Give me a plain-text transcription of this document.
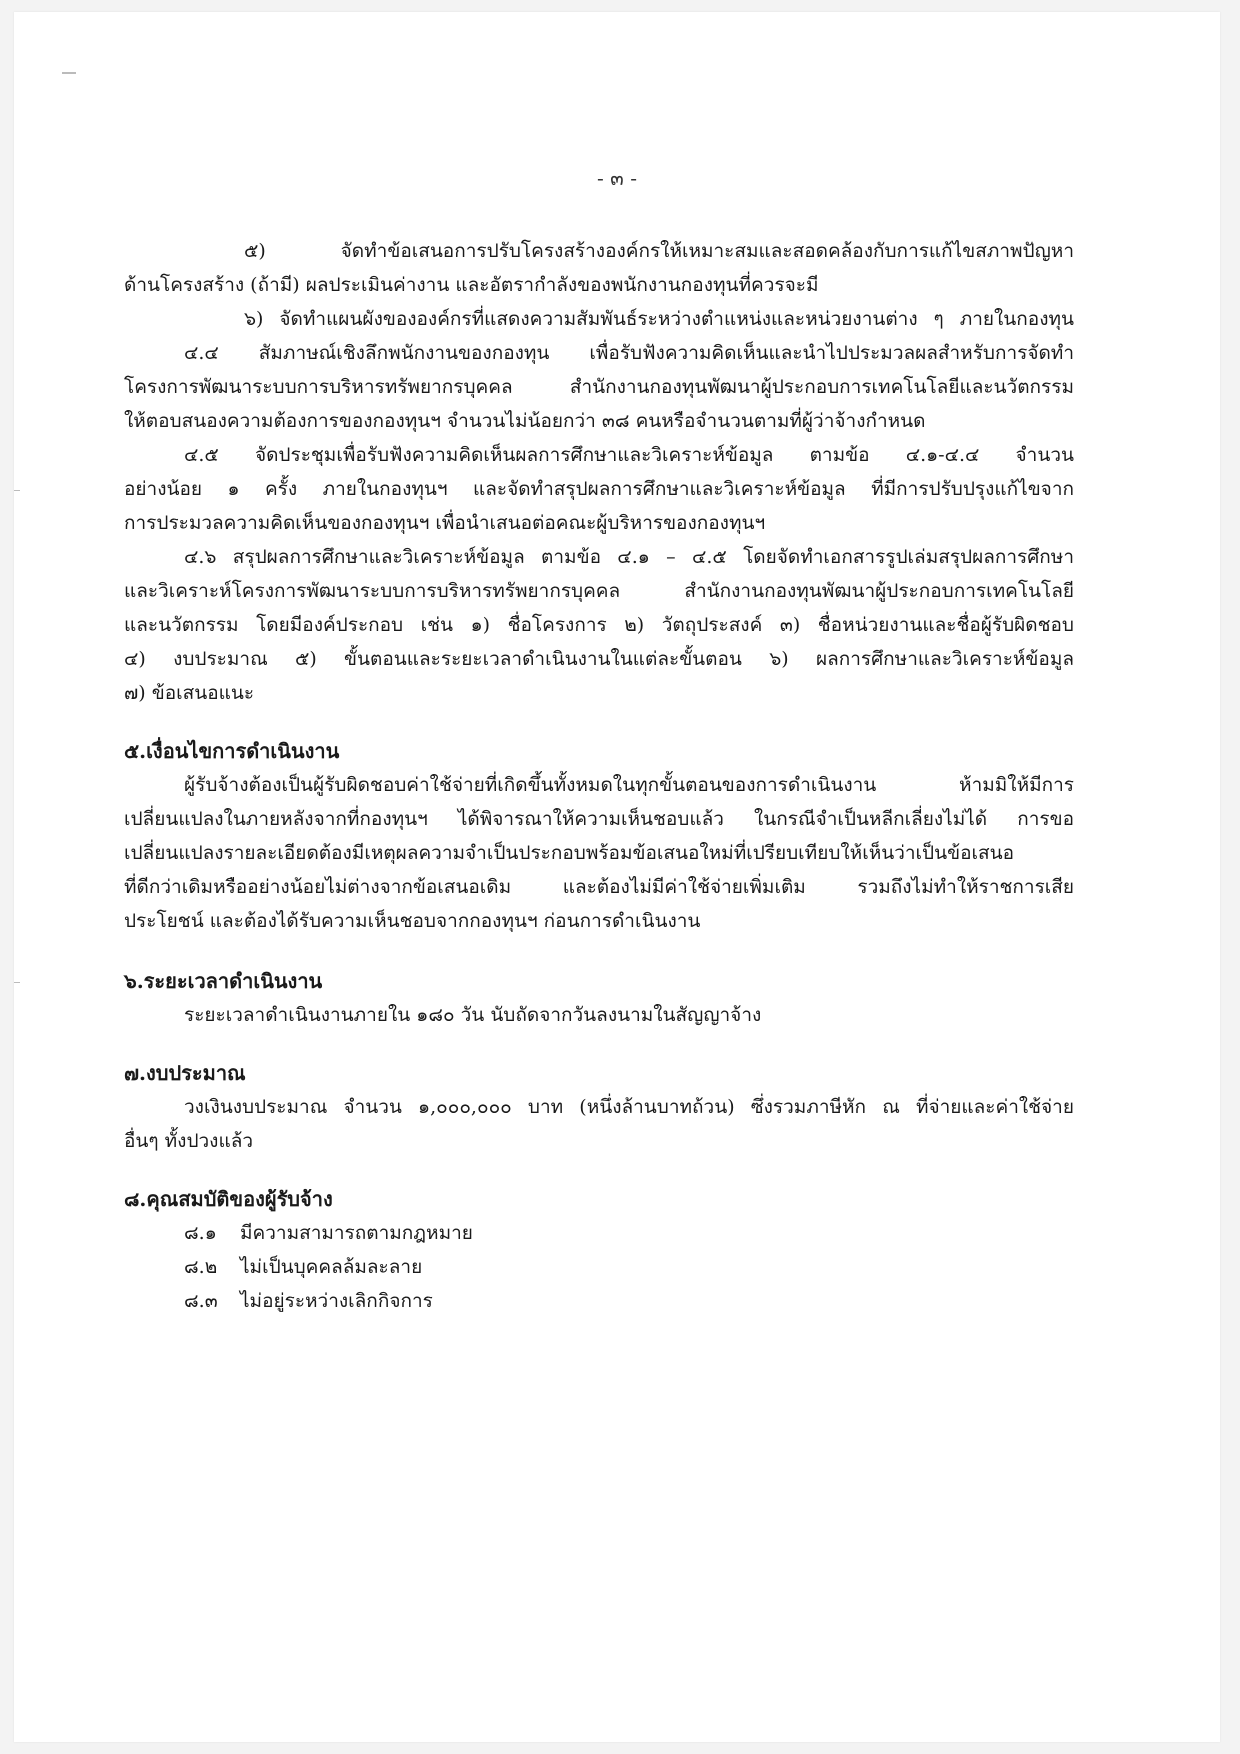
- ๓ -
๕) จัดทำข้อเสนอการปรับโครงสร้างองค์กรให้เหมาะสมและสอดคล้องกับการแก้ไขสภาพปัญหา
ด้านโครงสร้าง (ถ้ามี) ผลประเมินค่างาน และอัตรากำลังของพนักงานกองทุนที่ควรจะมี
๖) จัดทำแผนผังขององค์กรที่แสดงความสัมพันธ์ระหว่างตำแหน่งและหน่วยงานต่าง ๆ ภายในกองทุน
๔.๔ สัมภาษณ์เชิงลึกพนักงานของกองทุน เพื่อรับฟังความคิดเห็นและนำไปประมวลผลสำหรับการจัดทำ
โครงการพัฒนาระบบการบริหารทรัพยากรบุคคล สำนักงานกองทุนพัฒนาผู้ประกอบการเทคโนโลยีและนวัตกรรม
ให้ตอบสนองความต้องการของกองทุนฯ จำนวนไม่น้อยกว่า ๓๘ คนหรือจำนวนตามที่ผู้ว่าจ้างกำหนด
๔.๕ จัดประชุมเพื่อรับฟังความคิดเห็นผลการศึกษาและวิเคราะห์ข้อมูล ตามข้อ ๔.๑-๔.๔ จำนวน
อย่างน้อย ๑ ครั้ง ภายในกองทุนฯ และจัดทำสรุปผลการศึกษาและวิเคราะห์ข้อมูล ที่มีการปรับปรุงแก้ไขจาก
การประมวลความคิดเห็นของกองทุนฯ เพื่อนำเสนอต่อคณะผู้บริหารของกองทุนฯ
๔.๖ สรุปผลการศึกษาและวิเคราะห์ข้อมูล ตามข้อ ๔.๑ – ๔.๕ โดยจัดทำเอกสารรูปเล่มสรุปผลการศึกษา
และวิเคราะห์โครงการพัฒนาระบบการบริหารทรัพยากรบุคคล สำนักงานกองทุนพัฒนาผู้ประกอบการเทคโนโลยี
และนวัตกรรม โดยมีองค์ประกอบ เช่น ๑) ชื่อโครงการ ๒) วัตถุประสงค์ ๓) ชื่อหน่วยงานและชื่อผู้รับผิดชอบ
๔) งบประมาณ ๕) ขั้นตอนและระยะเวลาดำเนินงานในแต่ละขั้นตอน ๖) ผลการศึกษาและวิเคราะห์ข้อมูล
๗) ข้อเสนอแนะ
๕.เงื่อนไขการดำเนินงาน
ผู้รับจ้างต้องเป็นผู้รับผิดชอบค่าใช้จ่ายที่เกิดขึ้นทั้งหมดในทุกขั้นตอนของการดำเนินงาน ห้ามมิให้มีการ
เปลี่ยนแปลงในภายหลังจากที่กองทุนฯ ได้พิจารณาให้ความเห็นชอบแล้ว ในกรณีจำเป็นหลีกเลี่ยงไม่ได้ การขอ
เปลี่ยนแปลงรายละเอียดต้องมีเหตุผลความจำเป็นประกอบพร้อมข้อเสนอใหม่ที่เปรียบเทียบให้เห็นว่าเป็นข้อเสนอ
ที่ดีกว่าเดิมหรืออย่างน้อยไม่ต่างจากข้อเสนอเดิม และต้องไม่มีค่าใช้จ่ายเพิ่มเติม รวมถึงไม่ทำให้ราชการเสีย
ประโยชน์ และต้องได้รับความเห็นชอบจากกองทุนฯ ก่อนการดำเนินงาน
๖.ระยะเวลาดำเนินงาน
ระยะเวลาดำเนินงานภายใน ๑๘๐ วัน นับถัดจากวันลงนามในสัญญาจ้าง
๗.งบประมาณ
วงเงินงบประมาณ จำนวน ๑,๐๐๐,๐๐๐ บาท (หนึ่งล้านบาทถ้วน) ซึ่งรวมภาษีหัก ณ ที่จ่ายและค่าใช้จ่าย
อื่นๆ ทั้งปวงแล้ว
๘.คุณสมบัติของผู้รับจ้าง
๘.๑ มีความสามารถตามกฎหมาย
๘.๒ ไม่เป็นบุคคลล้มละลาย
๘.๓ ไม่อยู่ระหว่างเลิกกิจการ
